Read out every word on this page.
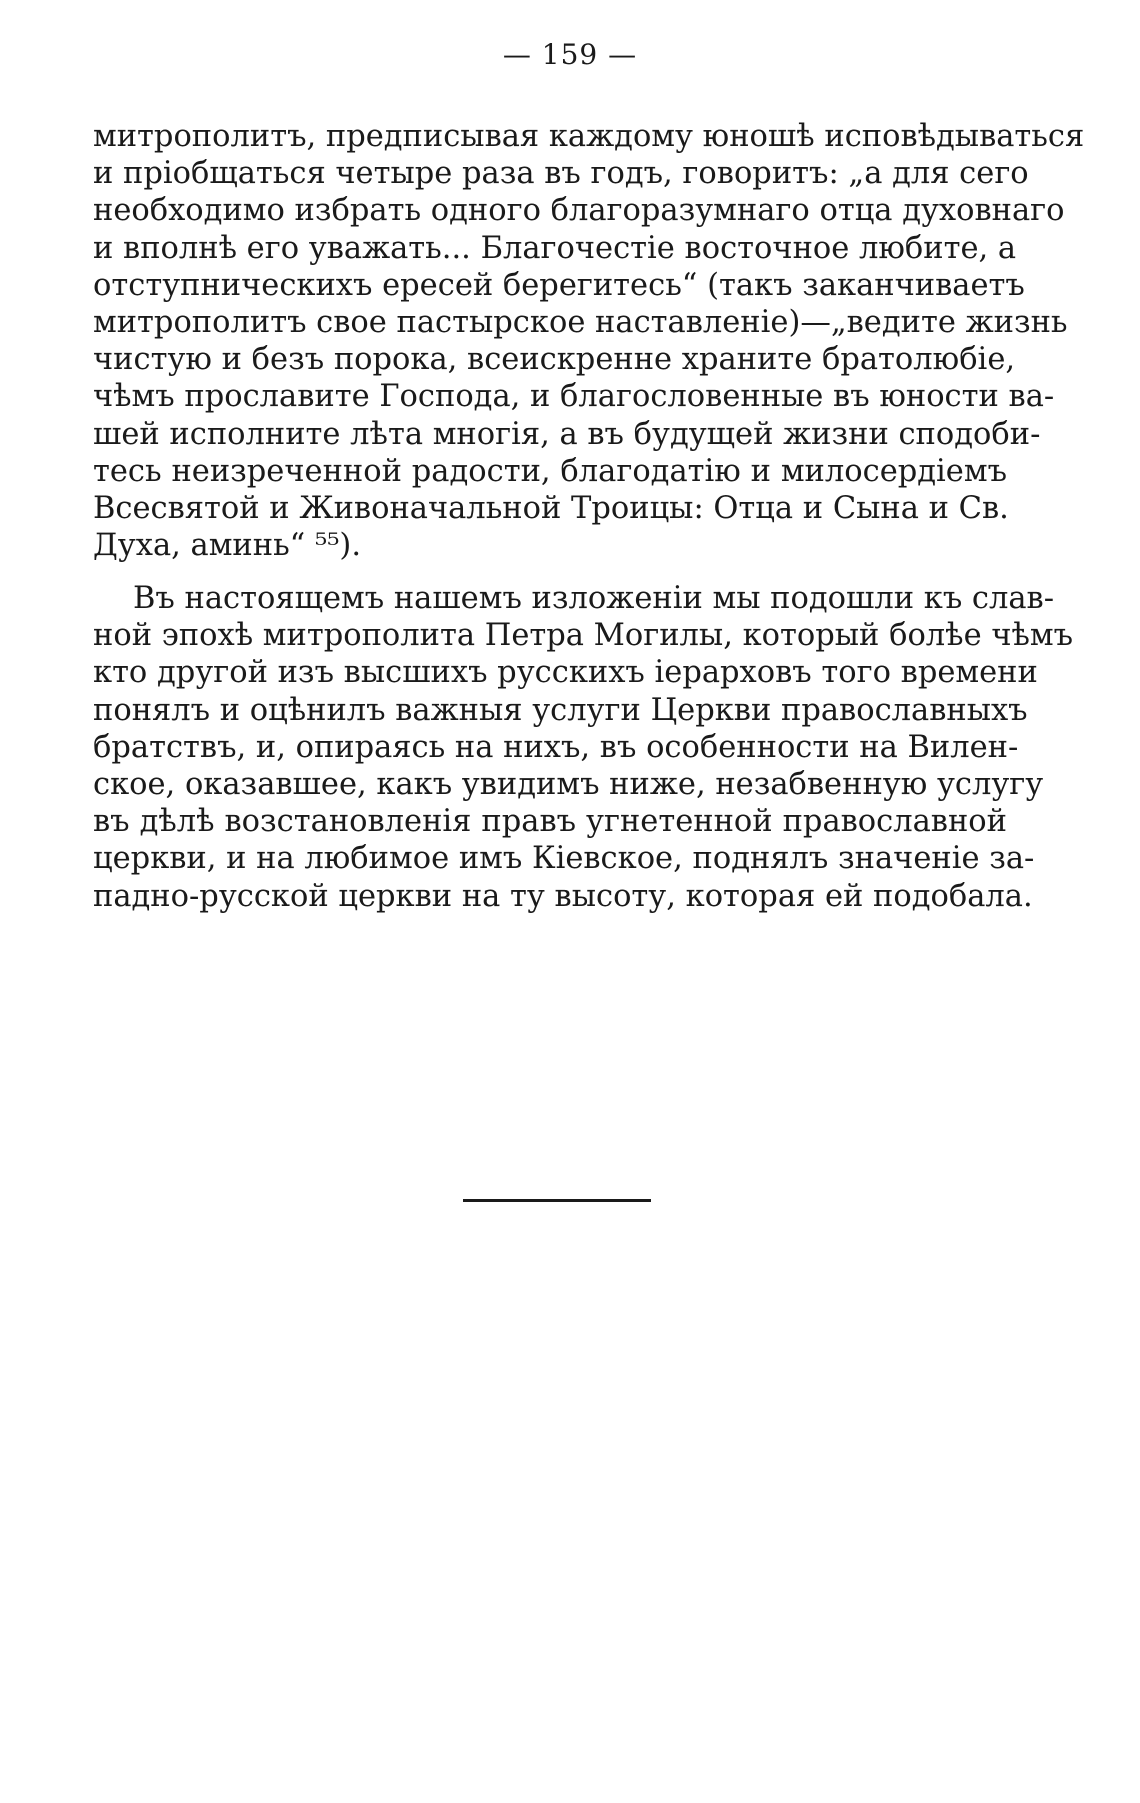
— 159 —
митрополитъ, предписывая каждому юношѣ исповѣдываться
и пріобщаться четыре раза въ годъ, говоритъ: „а для сего
необходимо избрать одного благоразумнаго отца духовнаго
и вполнѣ его уважать... Благочестіе восточное любите, а
отступническихъ ересей берегитесь“ (такъ заканчиваетъ
митрополитъ свое пастырское наставленіе)—„ведите жизнь
чистую и безъ порока, всеискренне храните братолюбіе,
чѣмъ прославите Господа, и благословенные въ юности ва-
шей исполните лѣта многія, а въ будущей жизни сподоби-
тесь неизреченной радости, благодатію и милосердіемъ
Всесвятой и Живоначальной Троицы: Отца и Сына и Св.
Духа, аминь“ ⁵⁵).
Въ настоящемъ нашемъ изложеніи мы подошли къ слав-
ной эпохѣ митрополита Петра Могилы, который болѣе чѣмъ
кто другой изъ высшихъ русскихъ іерарховъ того времени
понялъ и оцѣнилъ важныя услуги Церкви православныхъ
братствъ, и, опираясь на нихъ, въ особенности на Вилен-
ское, оказавшее, какъ увидимъ ниже, незабвенную услугу
въ дѣлѣ возстановленія правъ угнетенной православной
церкви, и на любимое имъ Кіевское, поднялъ значеніе за-
падно-русской церкви на ту высоту, которая ей подобала.
